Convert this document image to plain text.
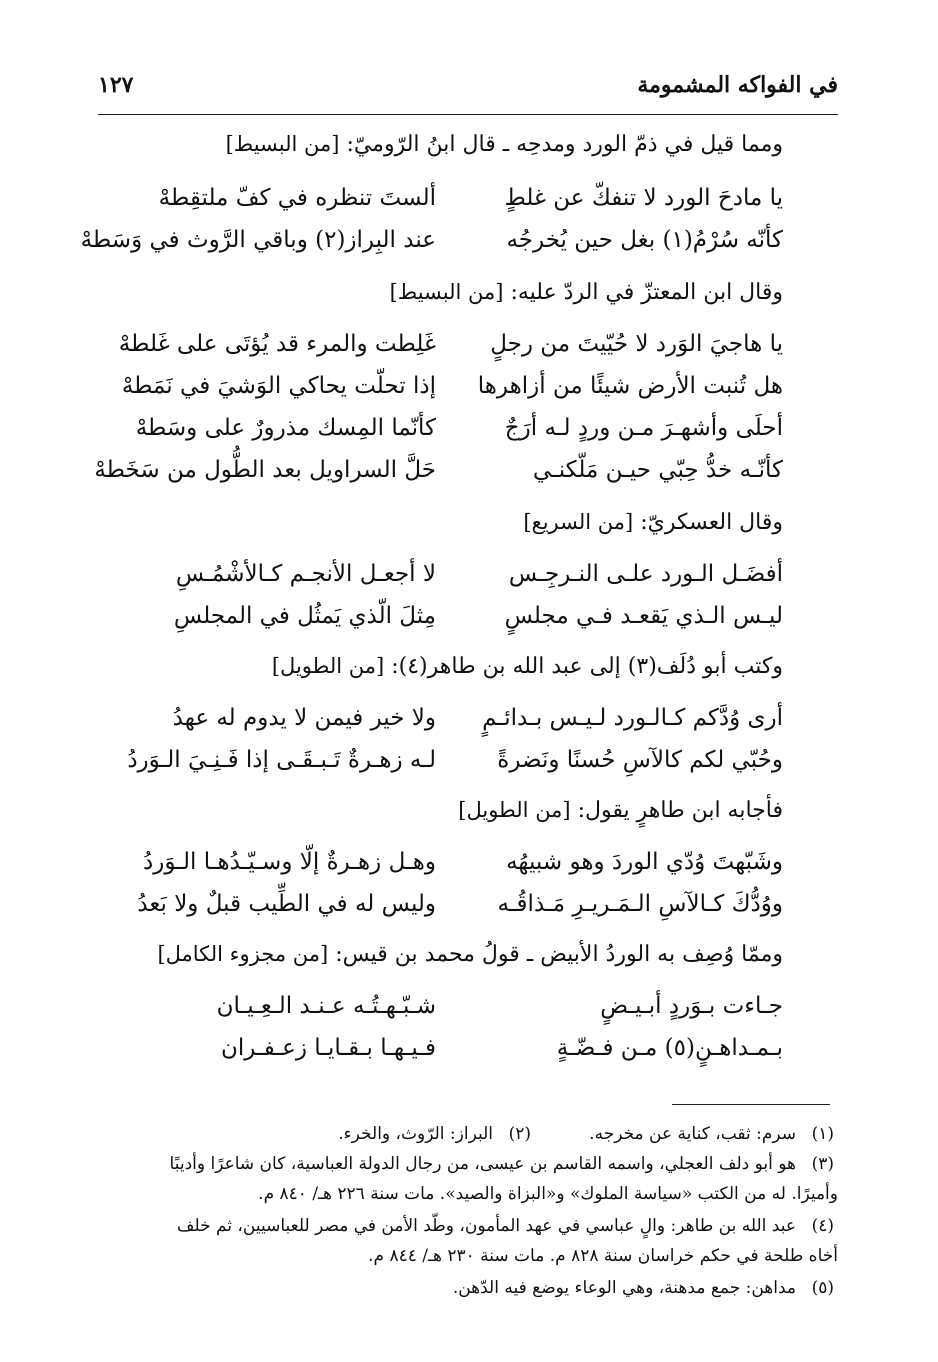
في الفواكه المشمومة
١٢٧
ومما قيل في ذمّ الورد ومدحِه ـ قال ابنُ الرّوميّ: [من البسيط]
يا مادحَ الورد لا تنفكّ عن غلطٍ
ألستَ تنظره في كفّ ملتقِطهْ
كأنّه سُرْمُ(١) بغل حين يُخرجُه
عند البِراز(٢) وباقي الرَّوث في وَسَطهْ
وقال ابن المعتزّ في الردّ عليه: [من البسيط]
يا هاجيَ الوَرد لا حُيّيتَ من رجلٍ
غَلِطت والمرء قد يُؤتَى على غَلطهْ
هل تُنبت الأرض شيئًا من أزاهرها
إذا تحلّت يحاكي الوَشيَ في نَمَطهْ
أحلَى وأشهـرَ مـن وردٍ لـه أرَجٌ
كأنّما المِسك مذرورٌ على وسَطهْ
كأنّـه خدُّ حِبّي حيـن مَلّكنـي
حَلَّ السراويل بعد الطُّول من سَخَطهْ
وقال العسكريّ: [من السريع]
أفضَـل الـورد علـى النـرجِـس
لا أجعـل الأنجـم كـالأشْمُـسِ
ليـس الـذي يَقعـد فـي مجلسٍ
مِثلَ الّذي يَمثُل في المجلسِ
وكتب أبو دُلَف(٣) إلى عبد الله بن طاهر(٤): [من الطويل]
أرى وُدَّكم كـالـورد لـيـس بـدائـمٍ
ولا خير فيمن لا يدوم له عهدُ
وحُبّي لكم كالآسِ حُسنًا ونَضرةً
لـه زهـرةٌ تَـبـقَـى إذا فَـنِـيَ الـوَردُ
فأجابه ابن طاهرٍ يقول: [من الطويل]
وشَبّهتَ وُدّي الوردَ وهو شبيهُه
وهـل زهـرةٌ إلّا وسـيّـدُهـا الـوَردُ
ووُدُّكَ كـالآسِ الـمَـريـرِ مَـذاقُـه
وليس له في الطِّيب قبلٌ ولا بَعدُ
وممّا وُصِف به الوردُ الأبيض ـ قولُ محمد بن قيس: [من مجزوء الكامل]
جـاءت بـوَردٍ أبـيـضٍ
شـبّـهـتُـه عـنـد الـعِـيـان
بـمـداهـنٍ(٥) مـن فـضّـةٍ
فـيـهـا بـقـايـا زعـفـران
(١)
سرم: ثقب، كناية عن مخرجه.
(٢)
البراز: الرّوث، والخرء.
(٣)
هو أبو دلف العجلي، واسمه القاسم بن عيسى، من رجال الدولة العباسية، كان شاعرًا وأديبًا
وأميرًا. له من الكتب «سياسة الملوك» و«البزاة والصيد». مات سنة ٢٢٦ هـ/ ٨٤٠ م.
(٤)
عبد الله بن طاهر: والٍ عباسي في عهد المأمون، وطّد الأمن في مصر للعباسيين، ثم خلف
أخاه طلحة في حكم خراسان سنة ٨٢٨ م. مات سنة ٢٣٠ هـ/ ٨٤٤ م.
(٥)
مداهن: جمع مدهنة، وهي الوعاء يوضع فيه الدّهن.
